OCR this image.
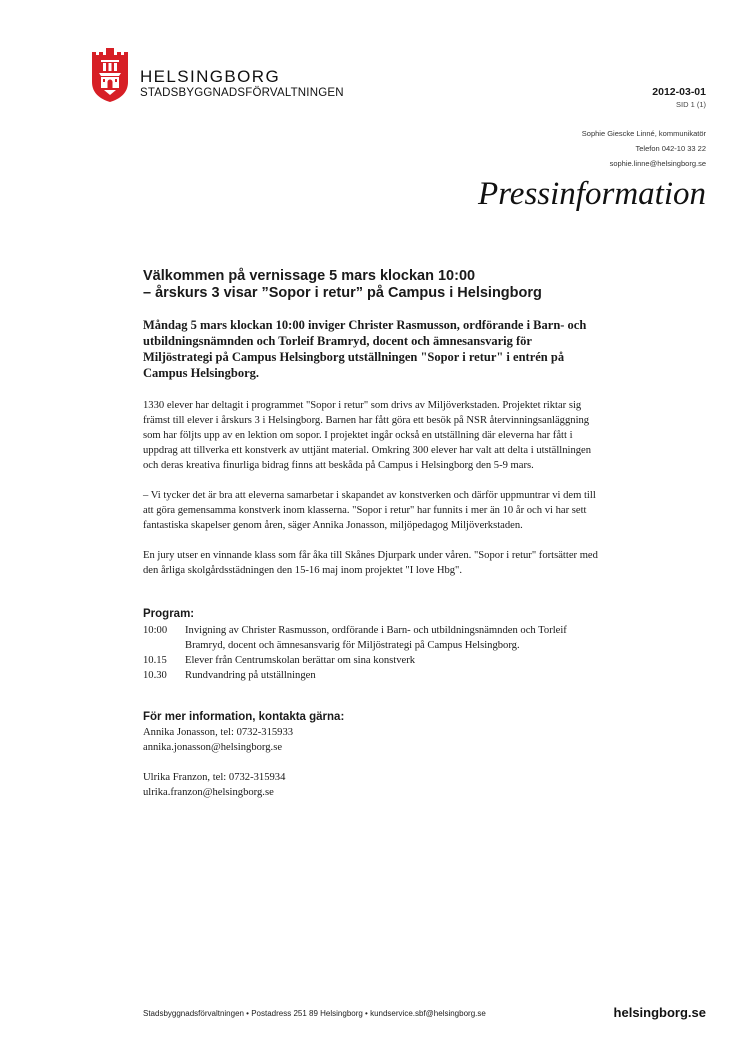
HELSINGBORG
STADSBYGGNADSFÖRVALTNINGEN	2012-03-01
SID 1 (1)
Sophie Giescke Linné, kommunikatör
Telefon 042-10 33 22
sophie.linne@helsingborg.se
Pressinformation
Välkommen på vernissage 5 mars klockan 10:00
– årskurs 3 visar ”Sopor i retur” på Campus i Helsingborg

Måndag 5 mars klockan 10:00 inviger Christer Rasmusson, ordförande i Barn- och utbildningsnämnden och Torleif Bramryd, docent och ämnesansvarig för Miljöstrategi på Campus Helsingborg utställningen "Sopor i retur" i entrén på Campus Helsingborg.

1330 elever har deltagit i programmet "Sopor i retur" som drivs av Miljöverkstaden. Projektet riktar sig främst till elever i årskurs 3 i Helsingborg. Barnen har fått göra ett besök på NSR återvinningsanläggning som har följts upp av en lektion om sopor. I projektet ingår också en utställning där eleverna har fått i uppdrag att tillverka ett konstverk av uttjänt material. Omkring 300 elever har valt att delta i utställningen och deras kreativa finurliga bidrag finns att beskåda på Campus i Helsingborg den 5-9 mars.

– Vi tycker det är bra att eleverna samarbetar i skapandet av konstverken och därför uppmuntrar vi dem till att göra gemensamma konstverk inom klasserna. "Sopor i retur" har funnits i mer än 10 år och vi har sett fantastiska skapelser genom åren, säger Annika Jonasson, miljöpedagog Miljöverkstaden.

En jury utser en vinnande klass som får åka till Skånes Djurpark under våren. "Sopor i retur" fortsätter med den årliga skolgårdsstädningen den 15-16 maj inom projektet "I love Hbg".

Program:
10:00	Invigning av Christer Rasmusson, ordförande i Barn- och utbildningsnämnden och Torleif Bramryd, docent och ämnesansvarig för Miljöstrategi på Campus Helsingborg.
10.15	Elever från Centrumskolan berättar om sina konstverk
10.30	Rundvandring på utställningen
För mer information, kontakta gärna:
Annika Jonasson, tel: 0732-315933
annika.jonasson@helsingborg.se
Ulrika Franzon, tel: 0732-315934
ulrika.franzon@helsingborg.se
Stadsbyggnadsförvaltningen • Postadress 251 89 Helsingborg • kundservice.sbf@helsingborg.se	helsingborg.se
